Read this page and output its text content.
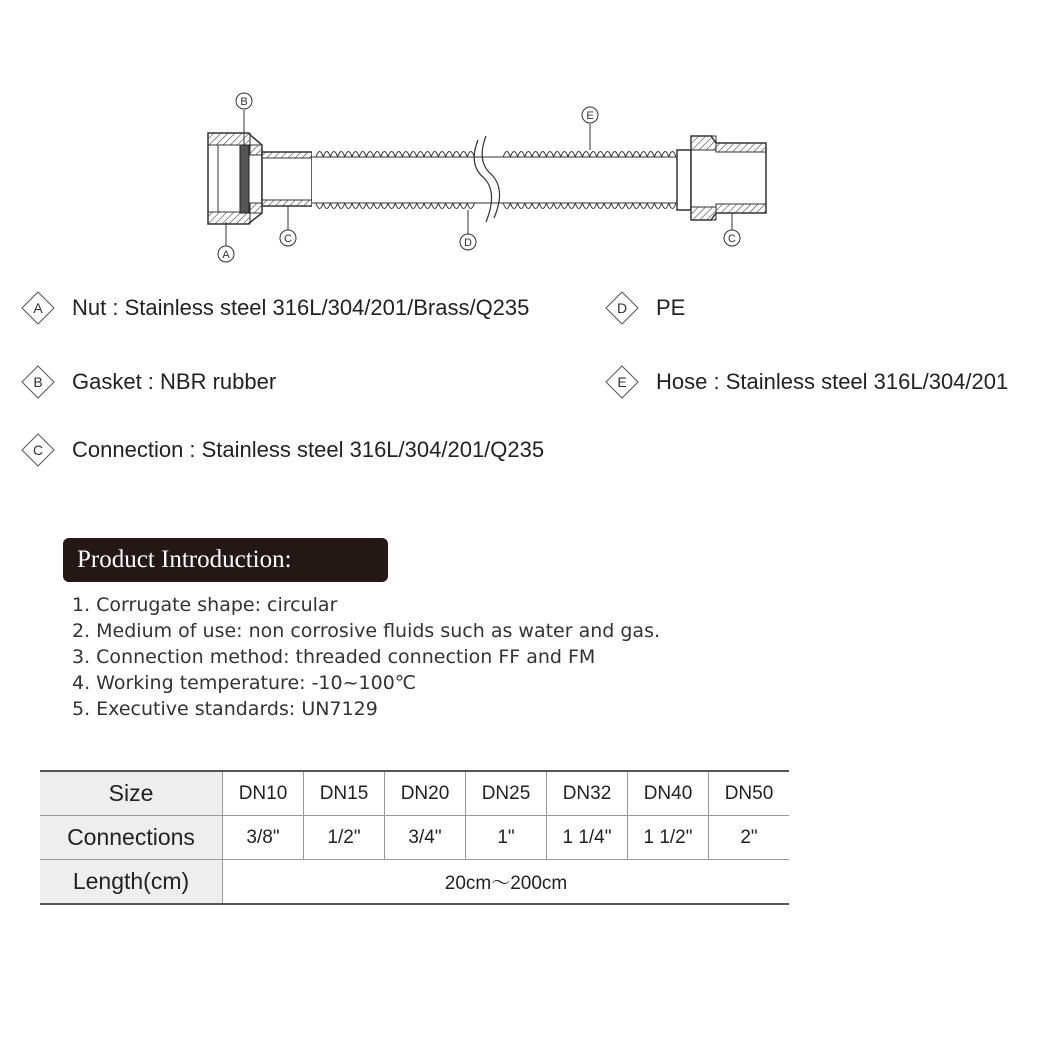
B
E
A
C	D	C
A	Nut : Stainless steel 316L/304/201/Brass/Q235	D	PE
B	Gasket : NBR rubber	E	Hose : Stainless steel 316L/304/201
C	Connection : Stainless steel 316L/304/201/Q235
Product Introduction:
1. Corrugate shape: circular
2. Medium of use: non corrosive fluids such as water and gas.
3. Connection method: threaded connection FF and FM
4. Working temperature: -10~100℃
5. Executive standards: UN7129
Size	DN10	DN15	DN20	DN25	DN32	DN40	DN50
Connections	3/8"	1/2"	3/4"	1"	1 1/4"	1 1/2"	2"
Length(cm)	20cm～200cm						
